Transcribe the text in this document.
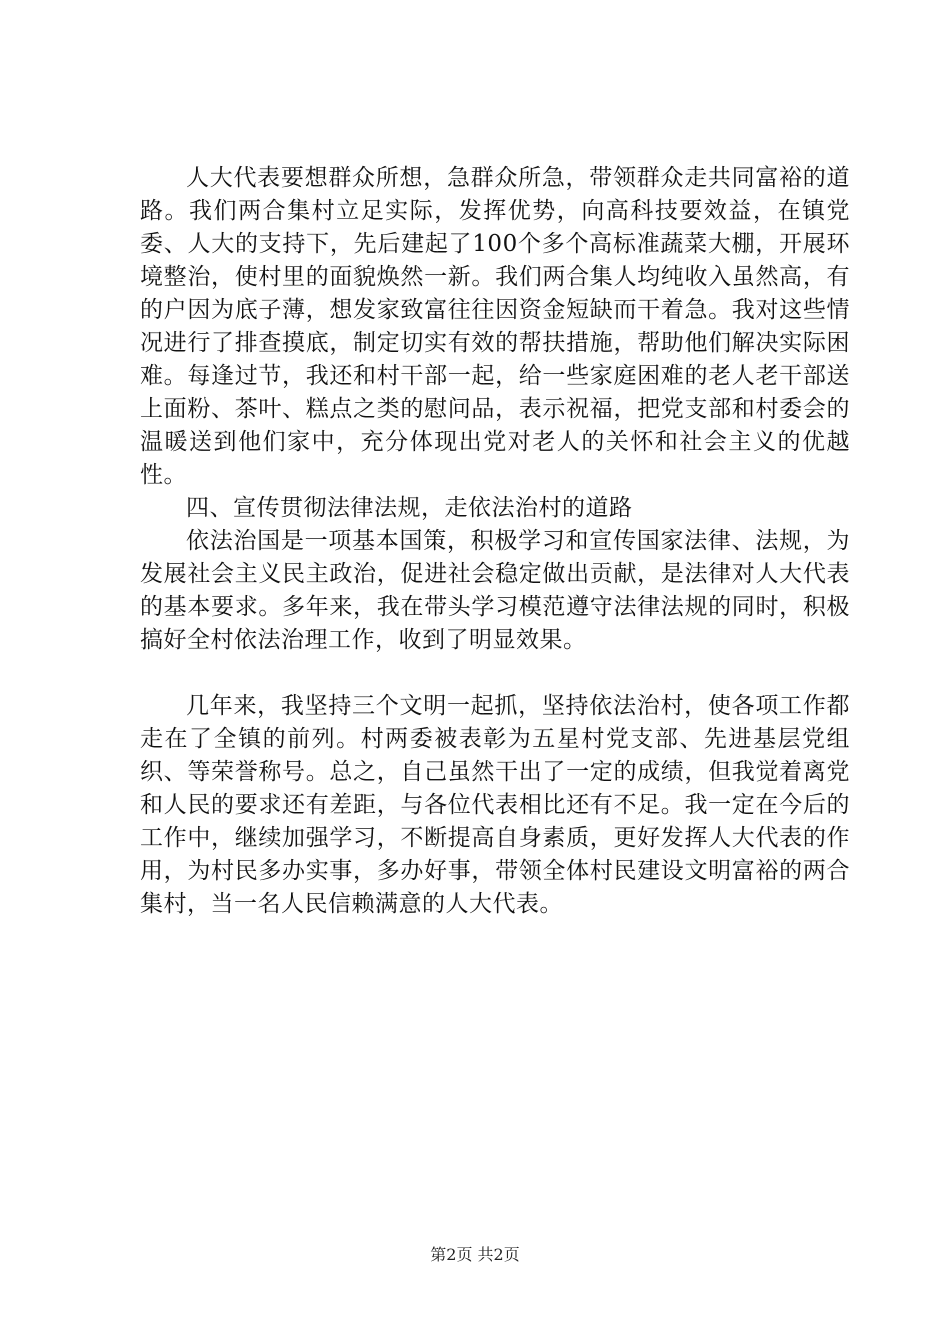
人大代表要想群众所想，急群众所急，带领群众走共同富裕的道路。我们两合集村立足实际，发挥优势，向高科技要效益，在镇党委、人大的支持下，先后建起了100个多个高标准蔬菜大棚，开展环境整治，使村里的面貌焕然一新。我们两合集人均纯收入虽然高，有的户因为底子薄，想发家致富往往因资金短缺而干着急。我对这些情况进行了排查摸底，制定切实有效的帮扶措施，帮助他们解决实际困难。每逢过节，我还和村干部一起，给一些家庭困难的老人老干部送上面粉、茶叶、糕点之类的慰问品，表示祝福，把党支部和村委会的温暖送到他们家中，充分体现出党对老人的关怀和社会主义的优越性。

四、宣传贯彻法律法规，走依法治村的道路

依法治国是一项基本国策，积极学习和宣传国家法律、法规，为发展社会主义民主政治，促进社会稳定做出贡献，是法律对人大代表的基本要求。多年来，我在带头学习模范遵守法律法规的同时，积极搞好全村依法治理工作，收到了明显效果。

几年来，我坚持三个文明一起抓，坚持依法治村，使各项工作都走在了全镇的前列。村两委被表彰为五星村党支部、先进基层党组织、等荣誉称号。总之，自己虽然干出了一定的成绩，但我觉着离党和人民的要求还有差距，与各位代表相比还有不足。我一定在今后的工作中，继续加强学习，不断提高自身素质，更好发挥人大代表的作用，为村民多办实事，多办好事，带领全体村民建设文明富裕的两合集村，当一名人民信赖满意的人大代表。

第2页 共2页
